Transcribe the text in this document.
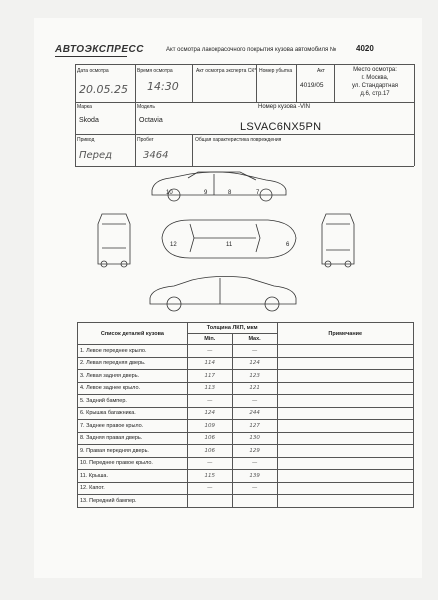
АВТОЭКСПРЕСС	Акт осмотра лакокрасочного покрытия кузова автомобиля № 4020
Дата осмотра
20.05.25
Время осмотра
14:30
Акт осмотра эксперта СК* Номер убытка	Акт
4019/05
Место осмотра:
г. Москва,
ул. Стандартная
д.6, стр.17
Марка
Skoda
Модель
Octavia
Номер кузова -VIN
LSVAC6NX5PN
Привод
Перед
Пробег
3464
Общая характеристика повреждения
10	9	8	7
12	11	6
Список деталей кузова	Толщина ЛКП, мкм		Примечание
	Min.	Max.	
1. Левое переднее крыло.	—	—	
2. Левая передняя дверь.	114	124	
3. Левая задняя дверь.	117	123	
4. Левое заднее крыло.	113	121	
5. Задний бампер.	—	—	
6. Крышка багажника.	124	244	
7. Заднее правое крыло.	109	127	
8. Задняя правая дверь.	106	130	
9. Правая передняя дверь.	106	129	
10. Переднее правое крыло.	—	—	
11. Крыша.	115	139	
12. Капот.	—	—	
13. Передний бампер.			
